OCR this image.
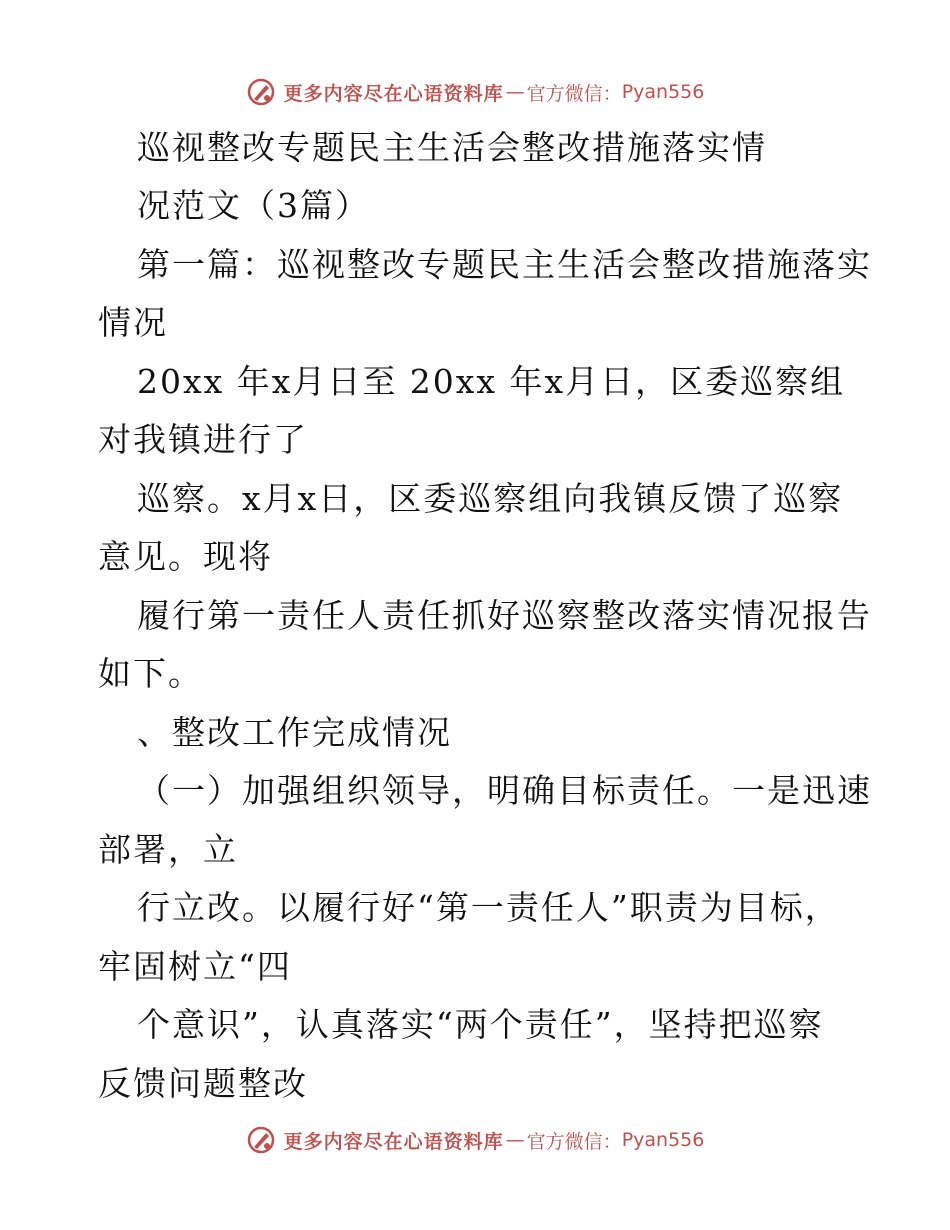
更多内容尽在心语资料库 — 官方微信： Pyan556
巡视整改专题民主生活会整改措施落实情
况范文（3篇）
第一篇：巡视整改专题民主生活会整改措施落实
情况
20xx 年x月日至 20xx 年x月日，区委巡察组
对我镇进行了
巡察。x月x日，区委巡察组向我镇反馈了巡察
意见。现将
履行第一责任人责任抓好巡察整改落实情况报告
如下。
、整改工作完成情况
（一）加强组织领导，明确目标责任。一是迅速
部署，立
行立改。以履行好“第一责任人”职责为目标，
牢固树立“四
个意识”，认真落实“两个责任”，坚持把巡察
反馈问题整改
更多内容尽在心语资料库 — 官方微信： Pyan556
